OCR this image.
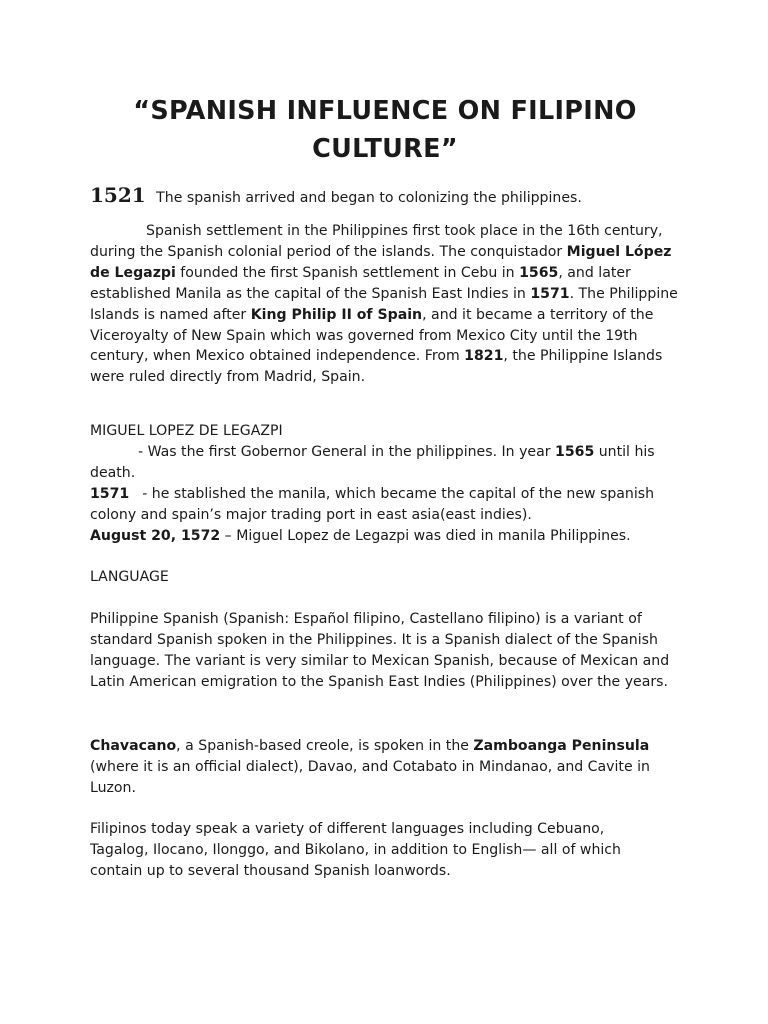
“SPANISH INFLUENCE ON FILIPINO CULTURE”

1521 The spanish arrived and began to colonizing the philippines.

Spanish settlement in the Philippines first took place in the 16th century, during the Spanish colonial period of the islands. The conquistador Miguel López de Legazpi founded the first Spanish settlement in Cebu in 1565, and later established Manila as the capital of the Spanish East Indies in 1571. The Philippine Islands is named after King Philip II of Spain, and it became a territory of the Viceroyalty of New Spain which was governed from Mexico City until the 19th century, when Mexico obtained independence. From 1821, the Philippine Islands were ruled directly from Madrid, Spain.

MIGUEL LOPEZ DE LEGAZPI

- Was the first Gobernor General in the philippines. In year 1565 until his death.
1571 - he stablished the manila, which became the capital of the new spanish colony and spain’s major trading port in east asia(east indies).
August 20, 1572 – Miguel Lopez de Legazpi was died in manila Philippines.

LANGUAGE

Philippine Spanish (Spanish: Español filipino, Castellano filipino) is a variant of standard Spanish spoken in the Philippines. It is a Spanish dialect of the Spanish language. The variant is very similar to Mexican Spanish, because of Mexican and Latin American emigration to the Spanish East Indies (Philippines) over the years.

Chavacano, a Spanish-based creole, is spoken in the Zamboanga Peninsula (where it is an official dialect), Davao, and Cotabato in Mindanao, and Cavite in Luzon.

Filipinos today speak a variety of different languages including Cebuano, Tagalog, Ilocano, Ilonggo, and Bikolano, in addition to English— all of which contain up to several thousand Spanish loanwords.
